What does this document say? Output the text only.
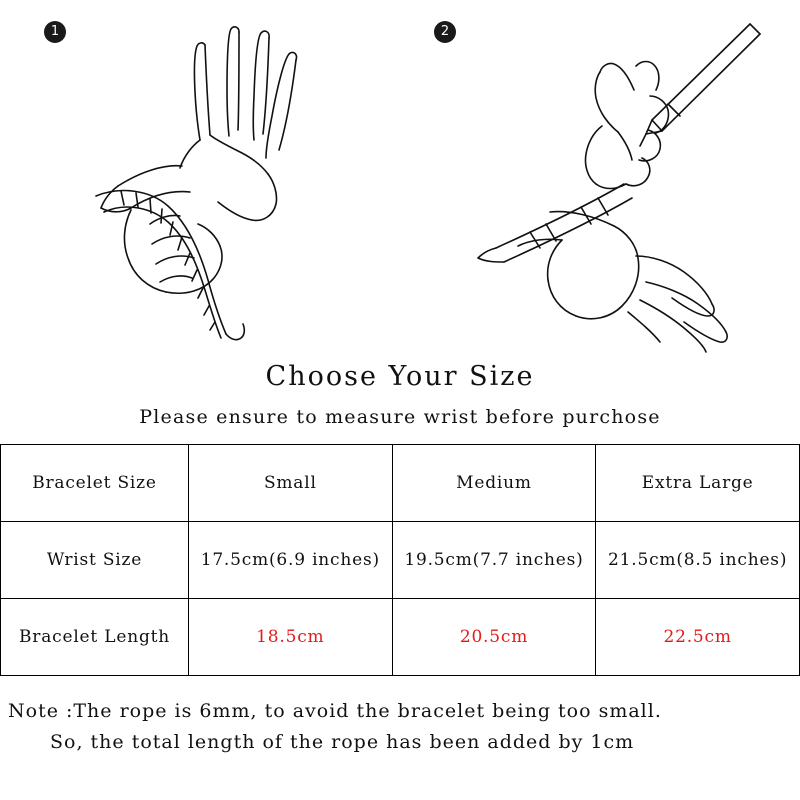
1	2
Choose Your Size

Please ensure to measure wrist before purchose

Bracelet Size	Small	Medium	Extra Large
Wrist Size	17.5cm(6.9 inches)	19.5cm(7.7 inches)	21.5cm(8.5 inches)
Bracelet Length	18.5cm	20.5cm	22.5cm
Note :The rope is 6mm, to avoid the bracelet being too small.
So, the total length of the rope has been added by 1cm
